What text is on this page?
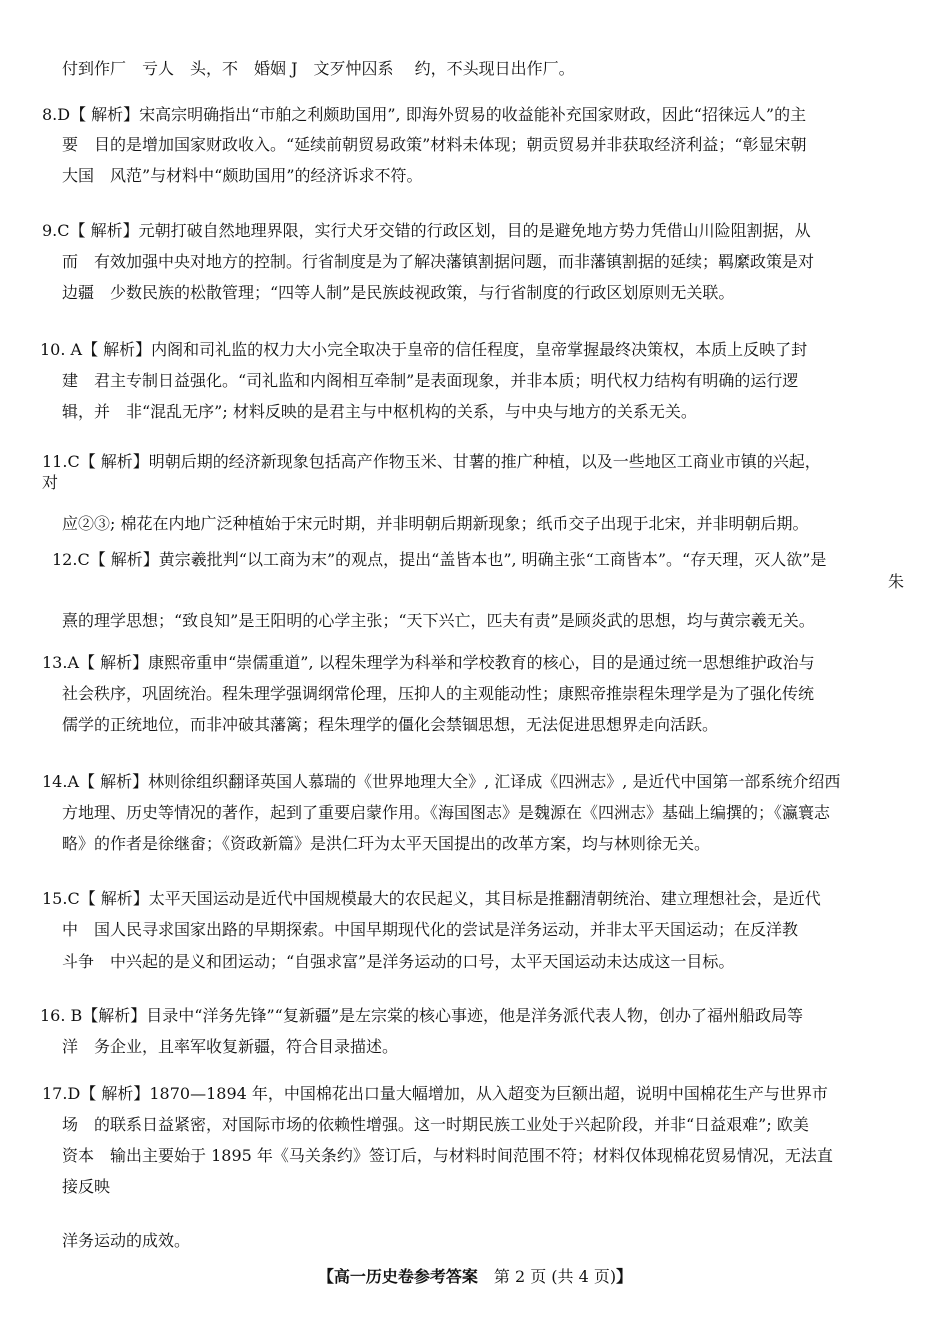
付到作厂　亏人　头，不　婚姻 J　文歹忡囚系　 约，不头现日出作厂。
8.D【 解析】宋高宗明确指出“市舶之利颇助国用”, 即海外贸易的收益能补充国家财政，因此“招徕远人”的主
要　目的是增加国家财政收入。“延续前朝贸易政策”材料未体现；朝贡贸易并非获取经济利益；“彰显宋朝
大国　风范”与材料中“颇助国用”的经济诉求不符。
9.C【 解析】元朝打破自然地理界限，实行犬牙交错的行政区划，目的是避免地方势力凭借山川险阻割据，从
而　有效加强中央对地方的控制。行省制度是为了解决藩镇割据问题，而非藩镇割据的延续；羁縻政策是对
边疆　少数民族的松散管理；“四等人制”是民族歧视政策，与行省制度的行政区划原则无关联。
10. A【 解析】内阁和司礼监的权力大小完全取决于皇帝的信任程度，皇帝掌握最终决策权，本质上反映了封
建　君主专制日益强化。“司礼监和内阁相互牵制”是表面现象，并非本质；明代权力结构有明确的运行逻
辑，并　非“混乱无序”; 材料反映的是君主与中枢机构的关系，与中央与地方的关系无关。
11.C【 解析】明朝后期的经济新现象包括高产作物玉米、甘薯的推广种植，以及一些地区工商业市镇的兴起，
对
应②③; 棉花在内地广泛种植始于宋元时期，并非明朝后期新现象；纸币交子出现于北宋，并非明朝后期。
12.C【 解析】黄宗羲批判“以工商为末”的观点，提出“盖皆本也”, 明确主张“工商皆本”。“存天理，灭人欲”是
朱
熹的理学思想；“致良知”是王阳明的心学主张；“天下兴亡，匹夫有责”是顾炎武的思想，均与黄宗羲无关。
13.A【 解析】康熙帝重申“崇儒重道”, 以程朱理学为科举和学校教育的核心，目的是通过统一思想维护政治与
社会秩序，巩固统治。程朱理学强调纲常伦理，压抑人的主观能动性；康熙帝推崇程朱理学是为了强化传统
儒学的正统地位，而非冲破其藩篱；程朱理学的僵化会禁锢思想，无法促进思想界走向活跃。
14.A【 解析】林则徐组织翻译英国人慕瑞的《世界地理大全》, 汇译成《四洲志》, 是近代中国第一部系统介绍西
方地理、历史等情况的著作，起到了重要启蒙作用。《海国图志》是魏源在《四洲志》基础上编撰的；《瀛寰志
略》的作者是徐继畲；《资政新篇》是洪仁玕为太平天国提出的改革方案，均与林则徐无关。
15.C【 解析】太平天国运动是近代中国规模最大的农民起义，其目标是推翻清朝统治、建立理想社会，是近代
中　国人民寻求国家出路的早期探索。中国早期现代化的尝试是洋务运动，并非太平天国运动；在反洋教
斗争　中兴起的是义和团运动；“自强求富”是洋务运动的口号，太平天国运动未达成这一目标。
16. B【解析】目录中“洋务先锋”“复新疆”是左宗棠的核心事迹，他是洋务派代表人物，创办了福州船政局等
洋　务企业，且率军收复新疆，符合目录描述。
17.D【 解析】1870—1894 年，中国棉花出口量大幅增加，从入超变为巨额出超，说明中国棉花生产与世界市
场　的联系日益紧密，对国际市场的依赖性增强。这一时期民族工业处于兴起阶段，并非“日益艰难”; 欧美
资本　输出主要始于 1895 年《马关条约》签订后，与材料时间范围不符；材料仅体现棉花贸易情况，无法直
接反映
洋务运动的成效。
【高一历史卷参考答案  第 2 页 (共 4 页)】
